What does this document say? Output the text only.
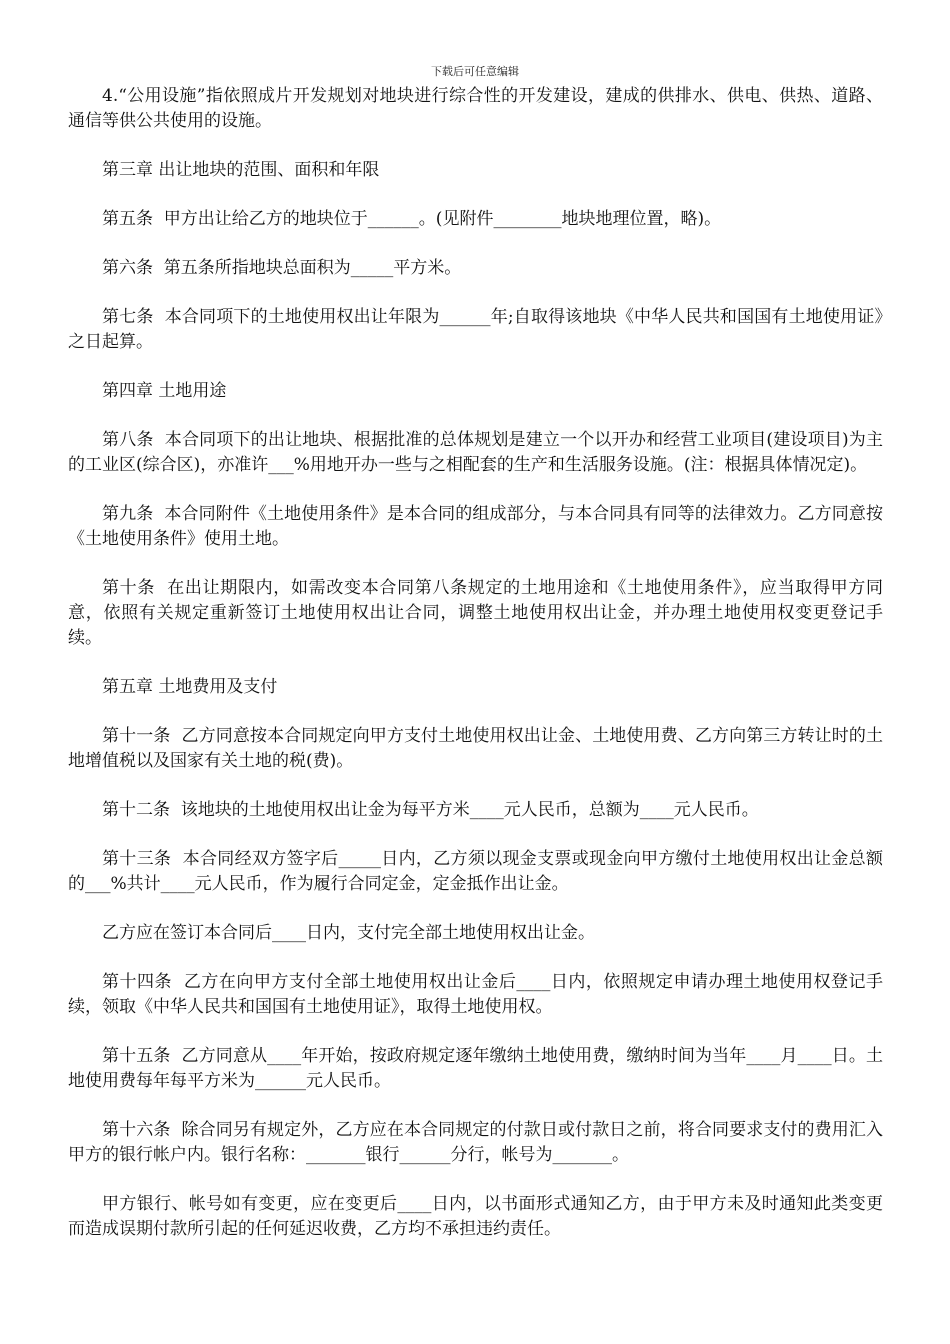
下载后可任意编辑

4.“公用设施”指依照成片开发规划对地块进行综合性的开发建设，建成的供排水、供电、供热、道路、通信等供公共使用的设施。

第三章 出让地块的范围、面积和年限

第五条  甲方出让给乙方的地块位于______。(见附件________地块地理位置，略)。

第六条  第五条所指地块总面积为_____平方米。

第七条  本合同项下的土地使用权出让年限为______年;自取得该地块《中华人民共和国国有土地使用证》之日起算。

第四章 土地用途

第八条  本合同项下的出让地块、根据批准的总体规划是建立一个以开办和经营工业项目(建设项目)为主的工业区(综合区)，亦准许___%用地开办一些与之相配套的生产和生活服务设施。(注：根据具体情况定)。

第九条  本合同附件《土地使用条件》是本合同的组成部分，与本合同具有同等的法律效力。乙方同意按《土地使用条件》使用土地。

第十条  在出让期限内，如需改变本合同第八条规定的土地用途和《土地使用条件》，应当取得甲方同意，依照有关规定重新签订土地使用权出让合同，调整土地使用权出让金，并办理土地使用权变更登记手续。

第五章 土地费用及支付

第十一条  乙方同意按本合同规定向甲方支付土地使用权出让金、土地使用费、乙方向第三方转让时的土地增值税以及国家有关土地的税(费)。

第十二条  该地块的土地使用权出让金为每平方米____元人民币，总额为____元人民币。

第十三条  本合同经双方签字后_____日内，乙方须以现金支票或现金向甲方缴付土地使用权出让金总额的___%共计____元人民币，作为履行合同定金，定金抵作出让金。

乙方应在签订本合同后____日内，支付完全部土地使用权出让金。

第十四条  乙方在向甲方支付全部土地使用权出让金后____日内，依照规定申请办理土地使用权登记手续，领取《中华人民共和国国有土地使用证》，取得土地使用权。

第十五条  乙方同意从____年开始，按政府规定逐年缴纳土地使用费，缴纳时间为当年____月____日。土地使用费每年每平方米为______元人民币。

第十六条  除合同另有规定外，乙方应在本合同规定的付款日或付款日之前，将合同要求支付的费用汇入甲方的银行帐户内。银行名称：_______银行______分行，帐号为_______。

甲方银行、帐号如有变更，应在变更后____日内，以书面形式通知乙方，由于甲方未及时通知此类变更而造成误期付款所引起的任何延迟收费，乙方均不承担违约责任。
